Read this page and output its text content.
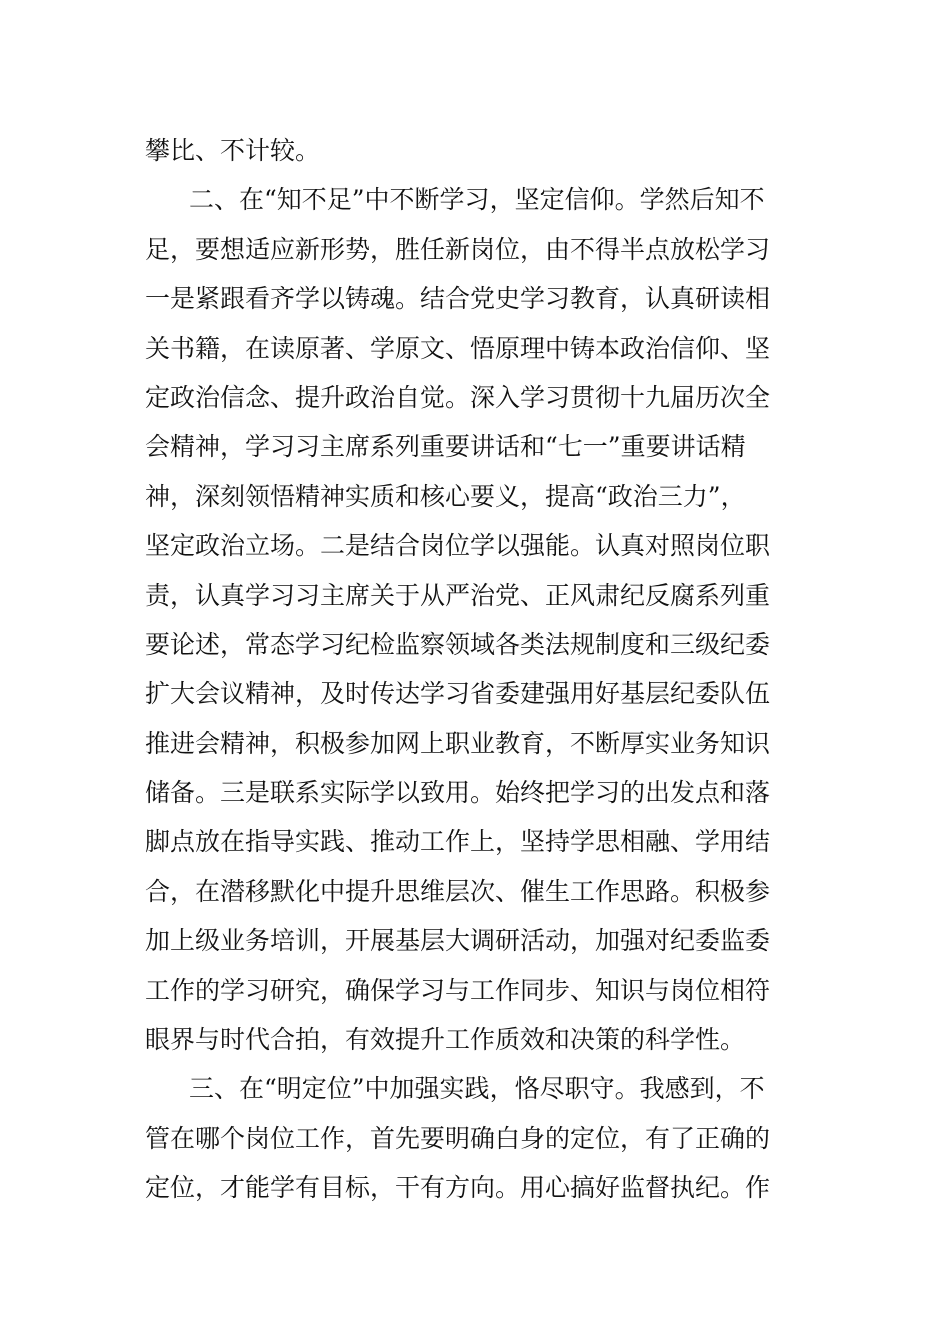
攀比、不计较。
二、在“知不足”中不断学习，坚定信仰。学然后知不
足，要想适应新形势，胜任新岗位，由不得半点放松学习
一是紧跟看齐学以铸魂。结合党史学习教育，认真研读相
关书籍，在读原著、学原文、悟原理中铸本政治信仰、坚
定政治信念、提升政治自觉。深入学习贯彻十九届历次全
会精神，学习习主席系列重要讲话和“七一”重要讲话精
神，深刻领悟精神实质和核心要义，提高“政治三力”，
坚定政治立场。二是结合岗位学以强能。认真对照岗位职
责，认真学习习主席关于从严治党、正风肃纪反腐系列重
要论述，常态学习纪检监察领域各类法规制度和三级纪委
扩大会议精神，及时传达学习省委建强用好基层纪委队伍
推进会精神，积极参加网上职业教育，不断厚实业务知识
储备。三是联系实际学以致用。始终把学习的出发点和落
脚点放在指导实践、推动工作上，坚持学思相融、学用结
合，在潜移默化中提升思维层次、催生工作思路。积极参
加上级业务培训，开展基层大调研活动，加强对纪委监委
工作的学习研究，确保学习与工作同步、知识与岗位相符
眼界与时代合拍，有效提升工作质效和决策的科学性。
三、在“明定位”中加强实践，恪尽职守。我感到，不
管在哪个岗位工作，首先要明确白身的定位，有了正确的
定位，才能学有目标，干有方向。用心搞好监督执纪。作
